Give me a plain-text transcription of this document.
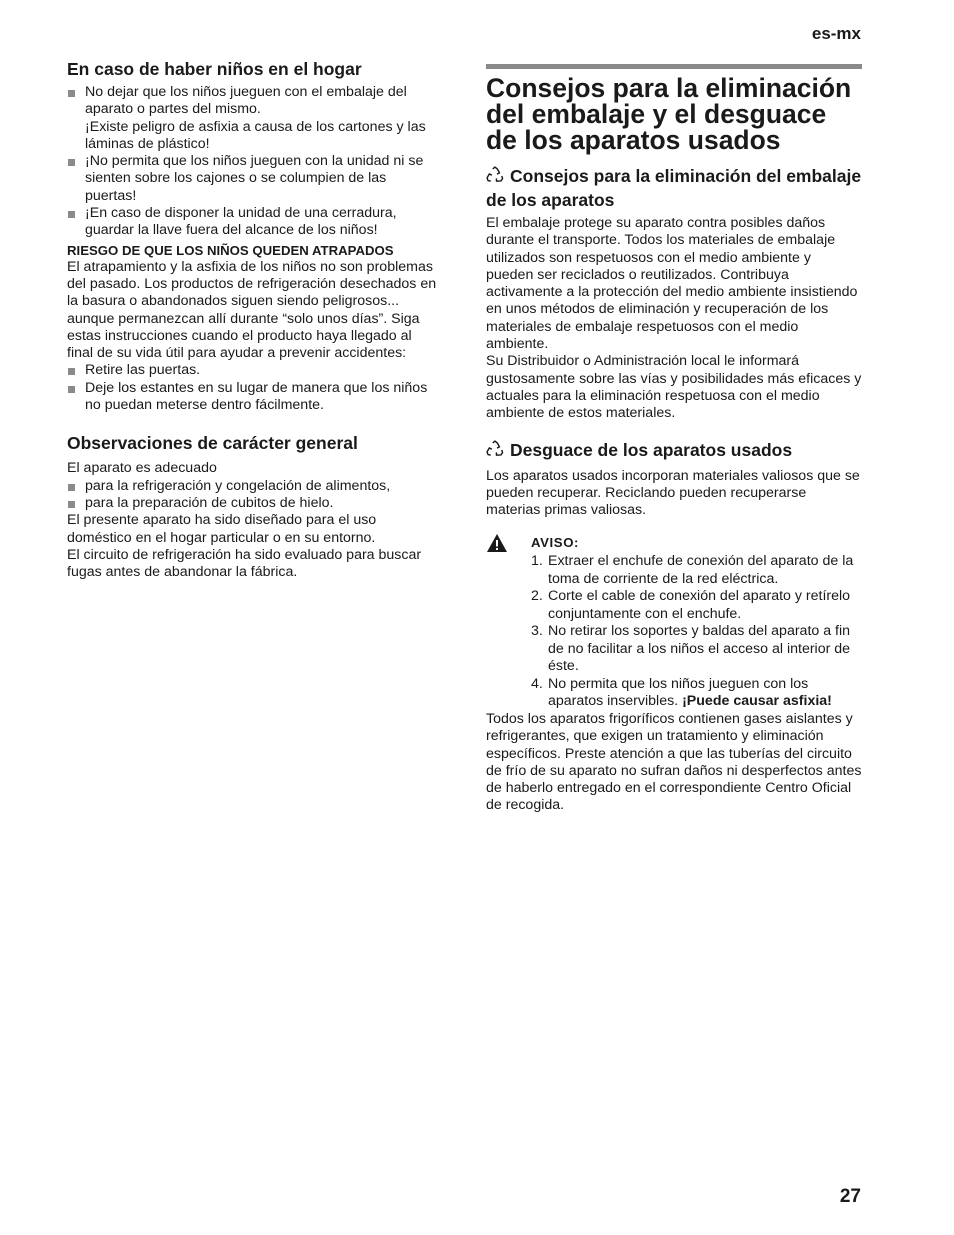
es-mx
En caso de haber niños en el hogar
No dejar que los niños jueguen con el embalaje del aparato o partes del mismo.
¡Existe peligro de asfixia a causa de los cartones y las láminas de plástico!
¡No permita que los niños jueguen con la unidad ni se sienten sobre los cajones o se columpien de las puertas!
¡En caso de disponer la unidad de una cerradura, guardar la llave fuera del alcance de los niños!
RIESGO DE QUE LOS NIÑOS QUEDEN ATRAPADOS

El atrapamiento y la asfixia de los niños no son problemas del pasado. Los productos de refrigeración desechados en la basura o abandonados siguen siendo peligrosos... aunque permanezcan allí durante “solo unos días”. Siga estas instrucciones cuando el producto haya llegado al final de su vida útil para ayudar a prevenir accidentes:

Retire las puertas.
Deje los estantes en su lugar de manera que los niños no puedan meterse dentro fácilmente.
Observaciones de carácter general

El aparato es adecuado

para la refrigeración y congelación de alimentos,
para la preparación de cubitos de hielo.

El presente aparato ha sido diseñado para el uso doméstico en el hogar particular o en su entorno.

El circuito de refrigeración ha sido evaluado para buscar fugas antes de abandonar la fábrica.

Consejos para la eliminación del embalaje y el desguace de los aparatos usados
Consejos para la eliminación del embalaje de los aparatos

El embalaje protege su aparato contra posibles daños durante el transporte. Todos los materiales de embalaje utilizados son respetuosos con el medio ambiente y pueden ser reciclados o reutilizados. Contribuya activamente a la protección del medio ambiente insistiendo en unos métodos de eliminación y recuperación de los materiales de embalaje respetuosos con el medio ambiente.

Su Distribuidor o Administración local le informará gustosamente sobre las vías y posibilidades más eficaces y actuales para la eliminación respetuosa con el medio ambiente de estos materiales.

Desguace de los aparatos usados

Los aparatos usados incorporan materiales valiosos que se pueden recuperar. Reciclando pueden recuperarse materias primas valiosas.

AVISO:
1. Extraer el enchufe de conexión del aparato de la toma de corriente de la red eléctrica.
2. Corte el cable de conexión del aparato y retírelo conjuntamente con el enchufe.
3. No retirar los soportes y baldas del aparato a fin de no facilitar a los niños el acceso al interior de éste.
4. No permita que los niños jueguen con los aparatos inservibles. ¡Puede causar asfixia!

Todos los aparatos frigoríficos contienen gases aislantes y refrigerantes, que exigen un tratamiento y eliminación específicos. Preste atención a que las tuberías del circuito de frío de su aparato no sufran daños ni desperfectos antes de haberlo entregado en el correspondiente Centro Oficial de recogida.

27
